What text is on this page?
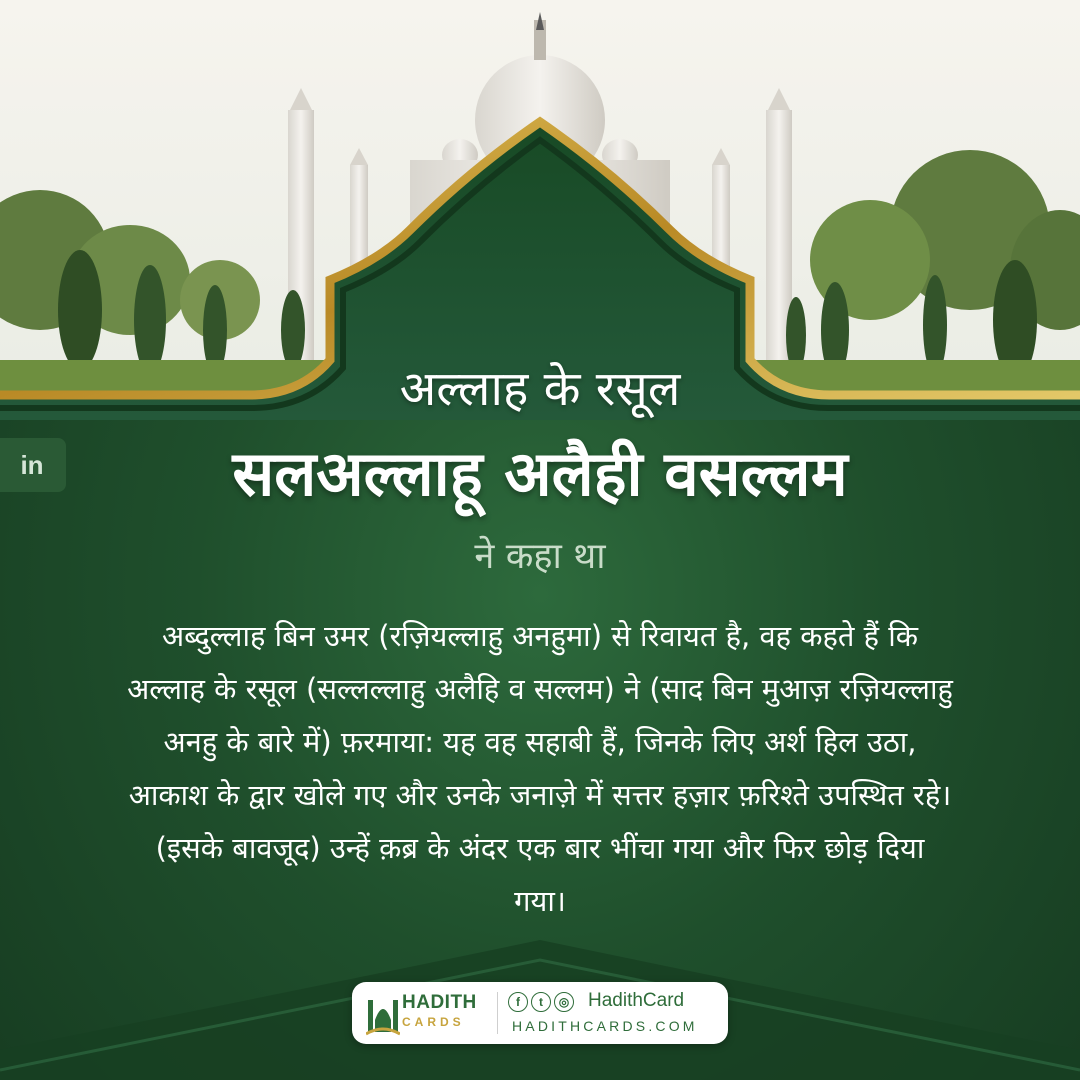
in
अल्लाह के रसूल
सलअल्लाहू अलैही वसल्लम
ने कहा था
अब्दुल्लाह बिन उमर (रज़ियल्लाहु अनहुमा) से रिवायत है, वह कहते हैं कि
अल्लाह के रसूल (सल्लल्लाहु अलैहि व सल्लम) ने (साद बिन मुआज़ रज़ियल्लाहु
अनहु के बारे में) फ़रमाया: यह वह सहाबी हैं, जिनके लिए अर्श हिल उठा,
आकाश के द्वार खोले गए और उनके जनाज़े में सत्तर हज़ार फ़रिश्ते उपस्थित रहे।
(इसके बावजूद) उन्हें क़ब्र के अंदर एक बार भींचा गया और फिर छोड़ दिया
गया।
HADITH
CARDS
f	t	◎ HadithCard
HADITHCARDS.COM
